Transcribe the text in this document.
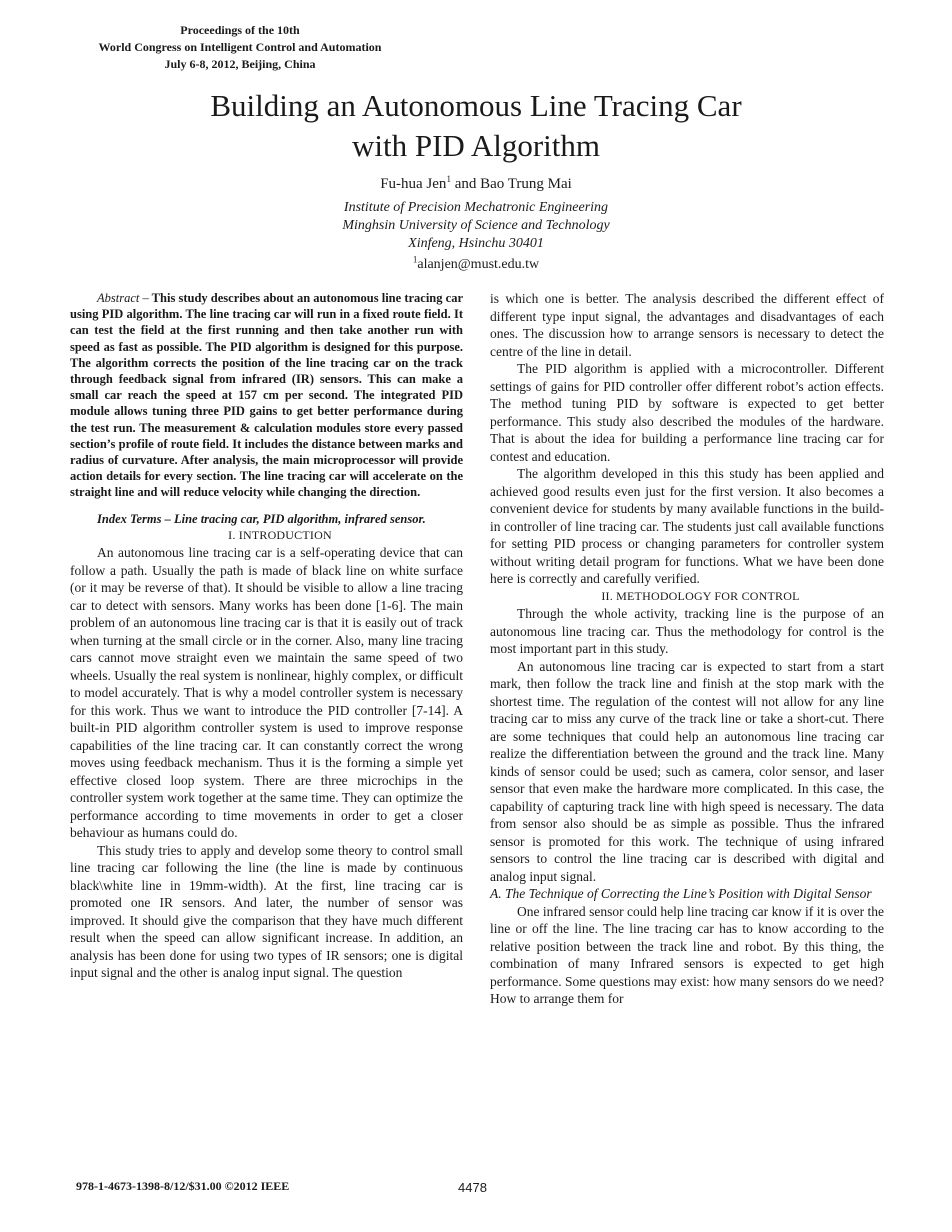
Proceedings of the 10th
World Congress on Intelligent Control and Automation
July 6-8, 2012, Beijing, China
Building an Autonomous Line Tracing Car
with PID Algorithm
Fu-hua Jen$^1$ and Bao Trung Mai
Institute of Precision Mechatronic Engineering
Minghsin University of Science and Technology
Xinfeng, Hsinchu 30401
$^1$alanjen@must.edu.tw

Abstract – This study describes about an autonomous line tracing car using PID algorithm. The line tracing car will run in a fixed route field. It can test the field at the first running and then take another run with speed as fast as possible. The PID algorithm is designed for this purpose. The algorithm corrects the position of the line tracing car on the track through feedback signal from infrared (IR) sensors. This can make a small car reach the speed at 157 cm per second. The integrated PID module allows tuning three PID gains to get better performance during the test run. The measurement & calculation modules store every passed section’s profile of route field. It includes the distance between marks and radius of curvature. After analysis, the main microprocessor will provide action details for every section. The line tracing car will accelerate on the straight line and will reduce velocity while changing the direction.

Index Terms – Line tracing car, PID algorithm, infrared sensor.

I. INTRODUCTION

An autonomous line tracing car is a self-operating device that can follow a path. Usually the path is made of black line on white surface (or it may be reverse of that). It should be visible to allow a line tracing car to detect with sensors. Many works has been done [1-6]. The main problem of an autonomous line tracing car is that it is easily out of track when turning at the small circle or in the corner. Also, many line tracing cars cannot move straight even we maintain the same speed of two wheels. Usually the real system is nonlinear, highly complex, or difficult to model accurately. That is why a model controller system is necessary for this work. Thus we want to introduce the PID controller [7-14]. A built-in PID algorithm controller system is used to improve response capabilities of the line tracing car. It can constantly correct the wrong moves using feedback mechanism. Thus it is the forming a simple yet effective closed loop system. There are three microchips in the controller system work together at the same time. They can optimize the performance according to time movements in order to get a closer behaviour as humans could do.

This study tries to apply and develop some theory to control small line tracing car following the line (the line is made by continuous black\white line in 19mm-width). At the first, line tracing car is promoted one IR sensors. And later, the number of sensor was improved. It should give the comparison that they have much different result when the speed can allow significant increase. In addition, an analysis has been done for using two types of IR sensors; one is digital input signal and the other is analog input signal. The question

is which one is better. The analysis described the different effect of different type input signal, the advantages and disadvantages of each ones. The discussion how to arrange sensors is necessary to detect the centre of the line in detail.

The PID algorithm is applied with a microcontroller. Different settings of gains for PID controller offer different robot’s action effects. The method tuning PID by software is expected to get better performance. This study also described the modules of the hardware. That is about the idea for building a performance line tracing car for contest and education.

The algorithm developed in this this study has been applied and achieved good results even just for the first version. It also becomes a convenient device for students by many available functions in the build-in controller of line tracing car. The students just call available functions for setting PID process or changing parameters for controller system without writing detail program for functions. What we have been done here is correctly and carefully verified.

II. METHODOLOGY FOR CONTROL

Through the whole activity, tracking line is the purpose of an autonomous line tracing car. Thus the methodology for control is the most important part in this study.

An autonomous line tracing car is expected to start from a start mark, then follow the track line and finish at the stop mark with the shortest time. The regulation of the contest will not allow for any line tracing car to miss any curve of the track line or take a short-cut. There are some techniques that could help an autonomous line tracing car realize the differentiation between the ground and the track line. Many kinds of sensor could be used; such as camera, color sensor, and laser sensor that even make the hardware more complicated. In this case, the capability of capturing track line with high speed is necessary. The data from sensor also should be as simple as possible. Thus the infrared sensor is promoted for this work. The technique of using infrared sensors to control the line tracing car is described with digital and analog input signal.

A. The Technique of Correcting the Line’s Position with Digital Sensor

One infrared sensor could help line tracing car know if it is over the line or off the line. The line tracing car has to know according to the relative position between the track line and robot. By this thing, the combination of many Infrared sensors is expected to get high performance. Some questions may exist: how many sensors do we need? How to arrange them for

978-1-4673-1398-8/12/$31.00 ©2012 IEEE	4478
